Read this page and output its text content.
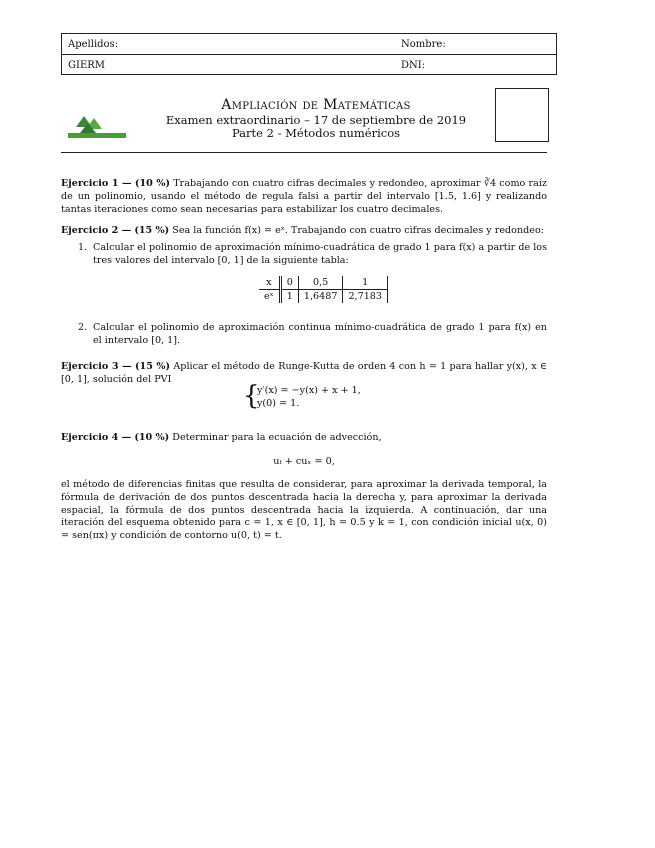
Apellidos:	Nombre:
GIERM	DNI:
Ampliación de Matemáticas
Examen extraordinario – 17 de septiembre de 2019
Parte 2 - Métodos numéricos
Ejercicio 1 — (10 %) Trabajando con cuatro cifras decimales y redondeo, aproximar ∛4 como raíz de un polinomio, usando el método de regula falsi a partir del intervalo [1.5, 1.6] y realizando tantas iteraciones como sean necesarias para estabilizar los cuatro decimales.
Ejercicio 2 — (15 %) Sea la función f(x) = eˣ. Trabajando con cuatro cifras decimales y redondeo:
1. Calcular el polinomio de aproximación mínimo-cuadrática de grado 1 para f(x) a partir de los tres valores del intervalo [0, 1] de la siguiente tabla:
x	0	0,5	1
eˣ	1	1,6487	2,7183
2. Calcular el polinomio de aproximación continua mínimo-cuadrática de grado 1 para f(x) en el intervalo [0, 1].
Ejercicio 3 — (15 %) Aplicar el método de Runge-Kutta de orden 4 con h = 1 para hallar y(x), x ∈ [0, 1], solución del PVI
{
y′(x) = −y(x) + x + 1,
y(0) = 1.
Ejercicio 4 — (10 %) Determinar para la ecuación de advección,
uₜ + cuₓ = 0,
el método de diferencias finitas que resulta de considerar, para aproximar la derivada temporal, la fórmula de derivación de dos puntos descentrada hacia la derecha y, para aproximar la derivada espacial, la fórmula de dos puntos descentrada hacia la izquierda. A continuación, dar una iteración del esquema obtenido para c = 1, x ∈ [0, 1], h = 0.5 y k = 1, con condición inicial u(x, 0) = sen(πx) y condición de contorno u(0, t) = t.
